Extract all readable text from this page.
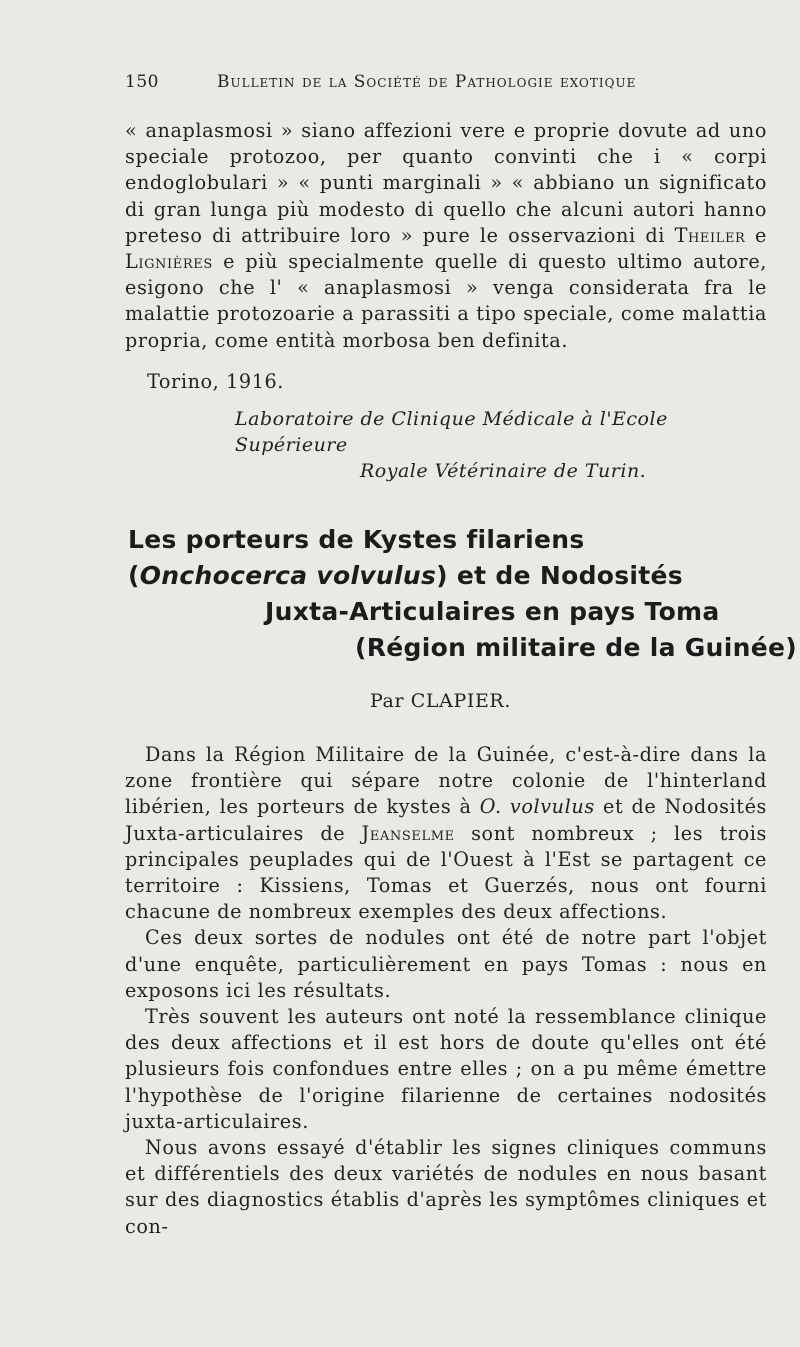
150	Bulletin de la Société de Pathologie exotique

« anaplasmosi » siano affezioni vere e proprie dovute ad uno speciale protozoo, per quanto convinti che i « corpi endoglobulari » « punti marginali » « abbiano un significato di gran lunga più modesto di quello che alcuni autori hanno preteso di attribuire loro » pure le osservazioni di Theiler e Lignières e più specialmente quelle di questo ultimo autore, esigono che l' « anaplasmosi » venga considerata fra le malattie protozoarie a parassiti a tipo speciale, come malattia propria, come entità morbosa ben definita.

Torino, 1916.
Laboratoire de Clinique Médicale à l'Ecole Supérieure
Royale Vétérinaire de Turin.
Les porteurs de Kystes filariens
(Onchocerca volvulus) et de Nodosités
Juxta-Articulaires en pays Toma
(Région militaire de la Guinée)
Par CLAPIER.

Dans la Région Militaire de la Guinée, c'est-à-dire dans la zone frontière qui sépare notre colonie de l'hinterland libérien, les porteurs de kystes à O. volvulus et de Nodosités Juxta-articulaires de Jeanselme sont nombreux ; les trois principales peuplades qui de l'Ouest à l'Est se partagent ce territoire : Kissiens, Tomas et Guerzés, nous ont fourni chacune de nombreux exemples des deux affections.

Ces deux sortes de nodules ont été de notre part l'objet d'une enquête, particulièrement en pays Tomas : nous en exposons ici les résultats.

Très souvent les auteurs ont noté la ressemblance clinique des deux affections et il est hors de doute qu'elles ont été plusieurs fois confondues entre elles ; on a pu même émettre l'hypothèse de l'origine filarienne de certaines nodosités juxta-articulaires.

Nous avons essayé d'établir les signes cliniques communs et différentiels des deux variétés de nodules en nous basant sur des diagnostics établis d'après les symptômes cliniques et con-
